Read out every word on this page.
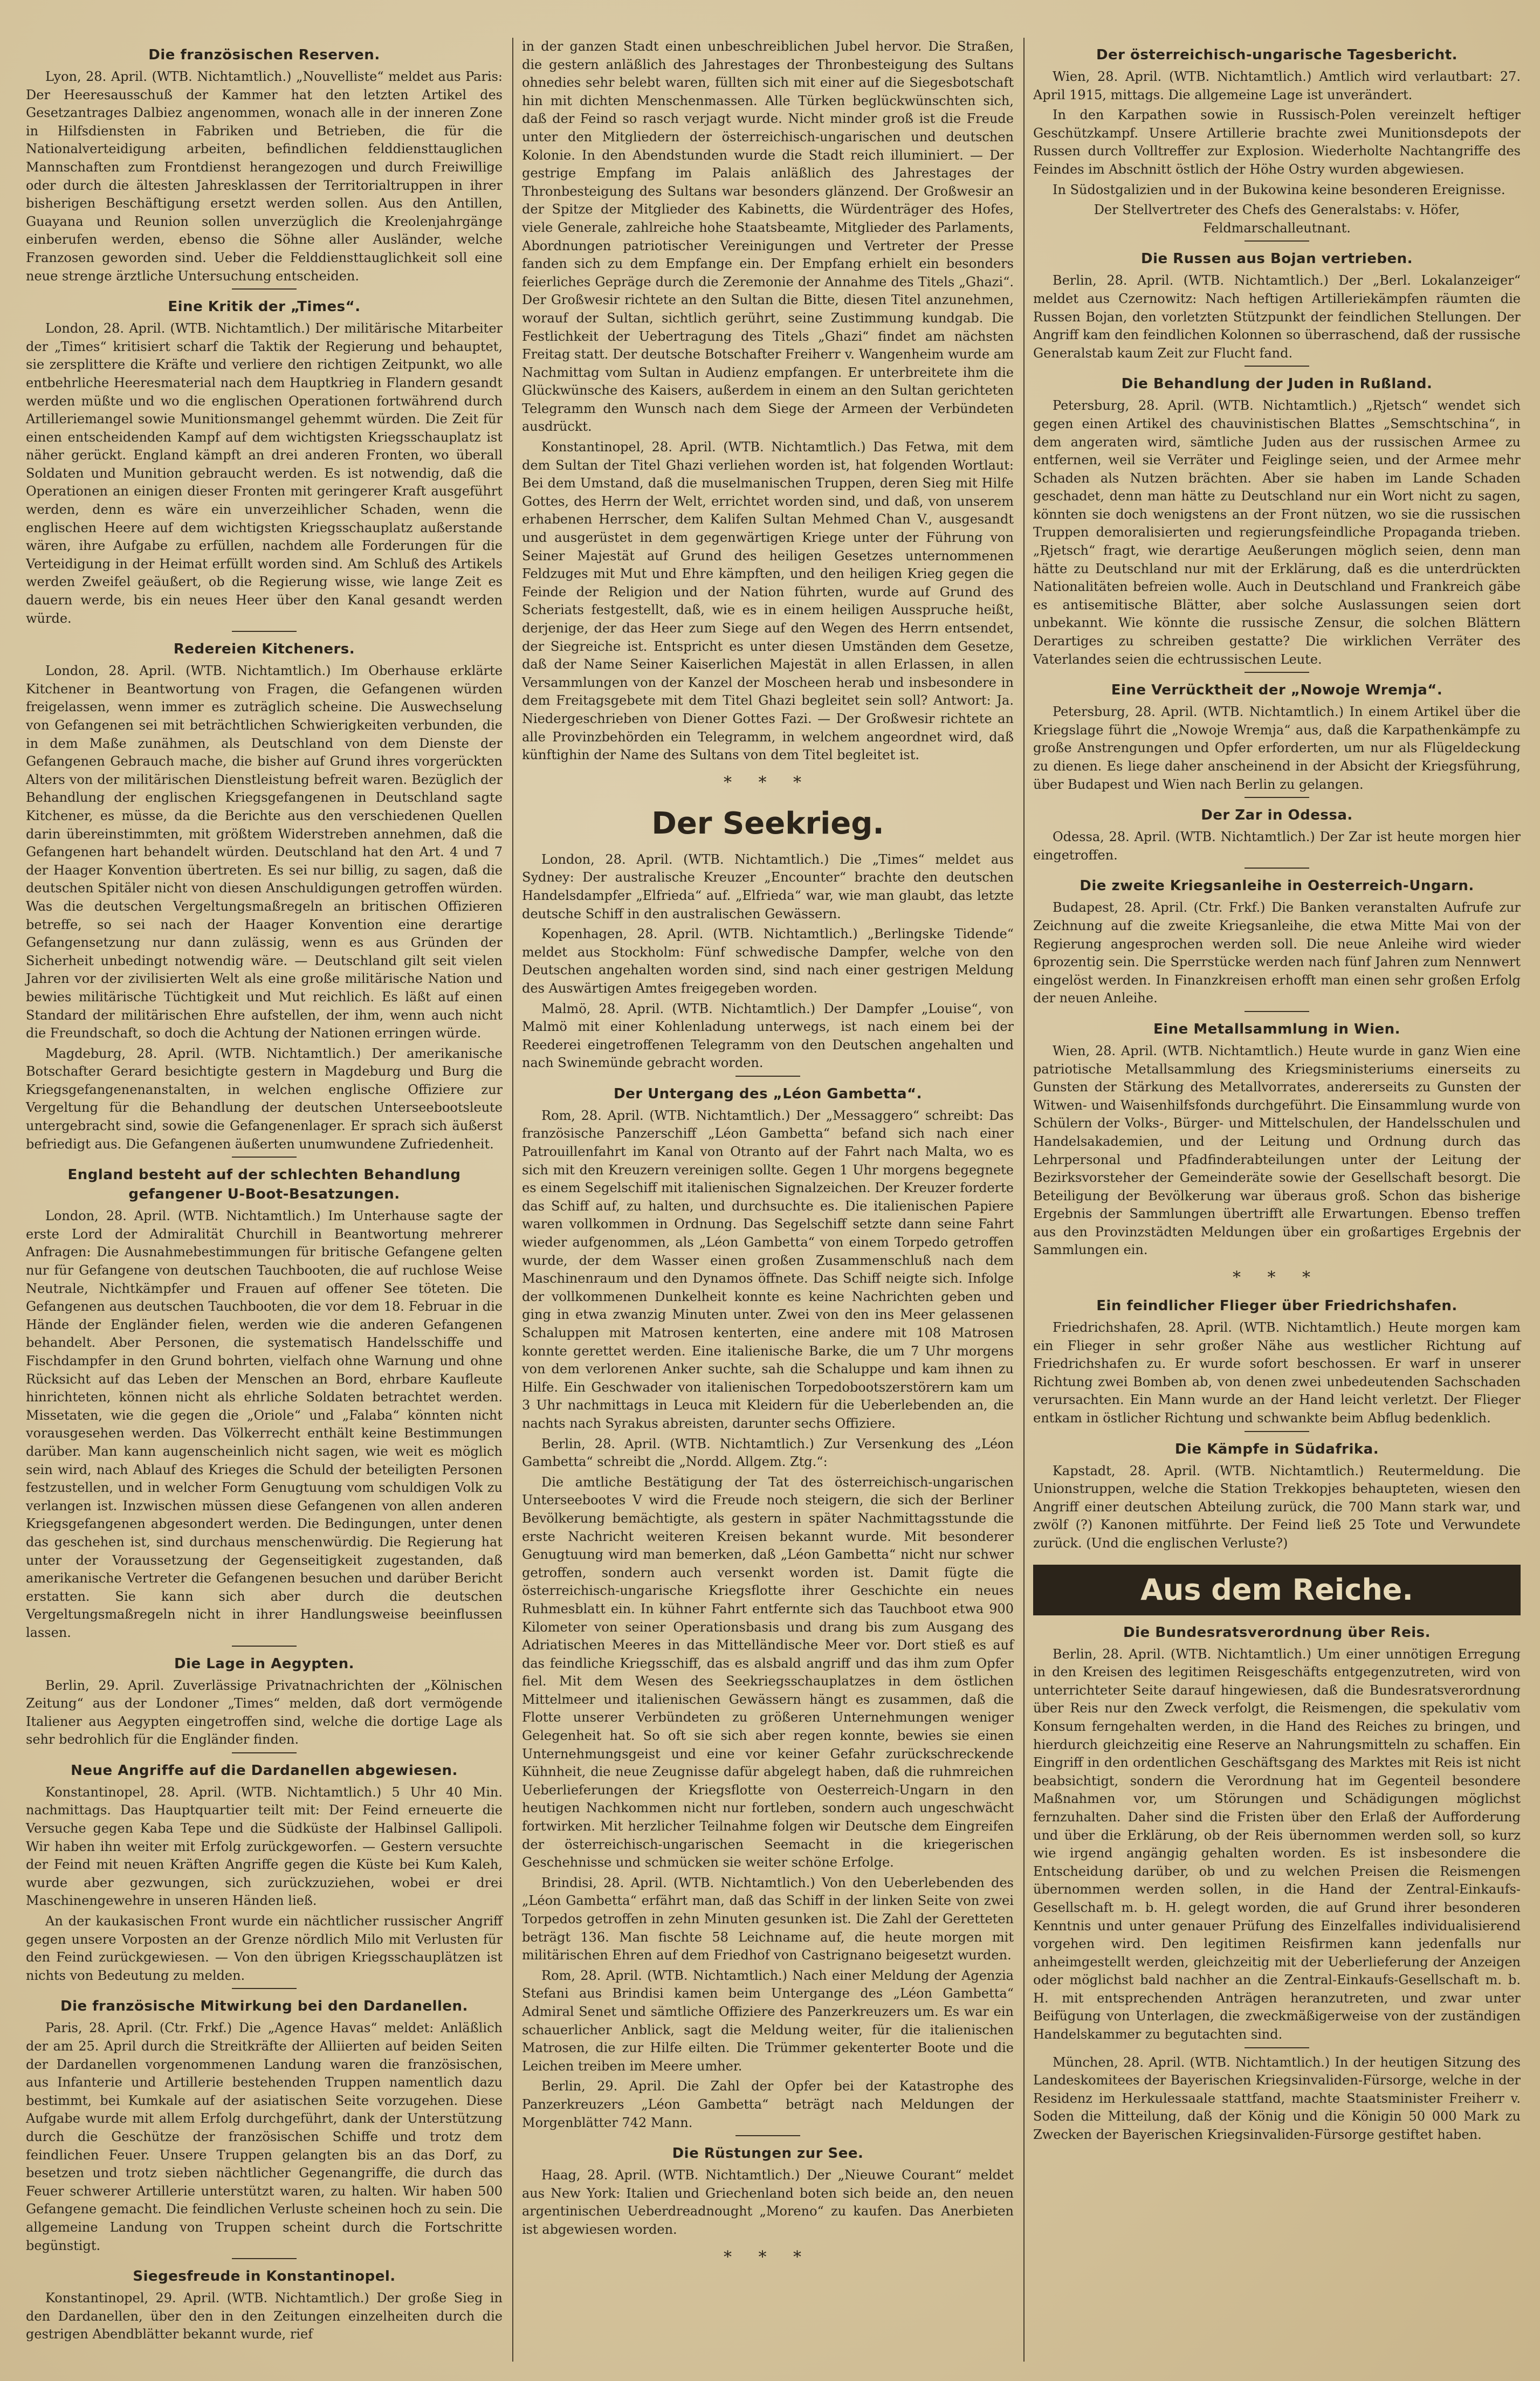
Die französischen Reserven.

Lyon, 28. April. (WTB. Nichtamtlich.) „Nouvelliste“ meldet aus Paris: Der Heeresausschuß der Kammer hat den letzten Artikel des Gesetzantrages Dalbiez angenommen, wonach alle in der inneren Zone in Hilfsdiensten in Fabriken und Betrieben, die für die Nationalverteidigung arbeiten, befindlichen felddiensttauglichen Mannschaften zum Frontdienst herangezogen und durch Freiwillige oder durch die ältesten Jahresklassen der Territorialtruppen in ihrer bisherigen Beschäftigung ersetzt werden sollen. Aus den Antillen, Guayana und Reunion sollen unverzüglich die Kreolenjahrgänge einberufen werden, ebenso die Söhne aller Ausländer, welche Franzosen geworden sind. Ueber die Felddiensttauglichkeit soll eine neue strenge ärztliche Untersuchung entscheiden.

Eine Kritik der „Times“.

London, 28. April. (WTB. Nichtamtlich.) Der militärische Mitarbeiter der „Times“ kritisiert scharf die Taktik der Regierung und behauptet, sie zersplittere die Kräfte und verliere den richtigen Zeitpunkt, wo alle entbehrliche Heeresmaterial nach dem Hauptkrieg in Flandern gesandt werden müßte und wo die englischen Operationen fortwährend durch Artilleriemangel sowie Munitionsmangel gehemmt würden. Die Zeit für einen entscheidenden Kampf auf dem wichtigsten Kriegsschauplatz ist näher gerückt. England kämpft an drei anderen Fronten, wo überall Soldaten und Munition gebraucht werden. Es ist notwendig, daß die Operationen an einigen dieser Fronten mit geringerer Kraft ausgeführt werden, denn es wäre ein unverzeihlicher Schaden, wenn die englischen Heere auf dem wichtigsten Kriegsschauplatz außerstande wären, ihre Aufgabe zu erfüllen, nachdem alle Forderungen für die Verteidigung in der Heimat erfüllt worden sind. Am Schluß des Artikels werden Zweifel geäußert, ob die Regierung wisse, wie lange Zeit es dauern werde, bis ein neues Heer über den Kanal gesandt werden würde.

Redereien Kitcheners.

London, 28. April. (WTB. Nichtamtlich.) Im Oberhause erklärte Kitchener in Beantwortung von Fragen, die Gefangenen würden freigelassen, wenn immer es zuträglich scheine. Die Auswechselung von Gefangenen sei mit beträchtlichen Schwierigkeiten verbunden, die in dem Maße zunähmen, als Deutschland von dem Dienste der Gefangenen Gebrauch mache, die bisher auf Grund ihres vorgerückten Alters von der militärischen Dienstleistung befreit waren. Bezüglich der Behandlung der englischen Kriegsgefangenen in Deutschland sagte Kitchener, es müsse, da die Berichte aus den verschiedenen Quellen darin übereinstimmten, mit größtem Widerstreben annehmen, daß die Gefangenen hart behandelt würden. Deutschland hat den Art. 4 und 7 der Haager Konvention übertreten. Es sei nur billig, zu sagen, daß die deutschen Spitäler nicht von diesen Anschuldigungen getroffen würden. Was die deutschen Vergeltungsmaßregeln an britischen Offizieren betreffe, so sei nach der Haager Konvention eine derartige Gefangensetzung nur dann zulässig, wenn es aus Gründen der Sicherheit unbedingt notwendig wäre. — Deutschland gilt seit vielen Jahren vor der zivilisierten Welt als eine große militärische Nation und bewies militärische Tüchtigkeit und Mut reichlich. Es läßt auf einen Standard der militärischen Ehre aufstellen, der ihm, wenn auch nicht die Freundschaft, so doch die Achtung der Nationen erringen würde.

Magdeburg, 28. April. (WTB. Nichtamtlich.) Der amerikanische Botschafter Gerard besichtigte gestern in Magdeburg und Burg die Kriegsgefangenenanstalten, in welchen englische Offiziere zur Vergeltung für die Behandlung der deutschen Unterseebootsleute untergebracht sind, sowie die Gefangenenlager. Er sprach sich äußerst befriedigt aus. Die Gefangenen äußerten unumwundene Zufriedenheit.

England besteht auf der schlechten Behandlung gefangener U-Boot-Besatzungen.

London, 28. April. (WTB. Nichtamtlich.) Im Unterhause sagte der erste Lord der Admiralität Churchill in Beantwortung mehrerer Anfragen: Die Ausnahmebestimmungen für britische Gefangene gelten nur für Gefangene von deutschen Tauchbooten, die auf ruchlose Weise Neutrale, Nichtkämpfer und Frauen auf offener See töteten. Die Gefangenen aus deutschen Tauchbooten, die vor dem 18. Februar in die Hände der Engländer fielen, werden wie die anderen Gefangenen behandelt. Aber Personen, die systematisch Handelsschiffe und Fischdampfer in den Grund bohrten, vielfach ohne Warnung und ohne Rücksicht auf das Leben der Menschen an Bord, ehrbare Kaufleute hinrichteten, können nicht als ehrliche Soldaten betrachtet werden. Missetaten, wie die gegen die „Oriole“ und „Falaba“ könnten nicht vorausgesehen werden. Das Völkerrecht enthält keine Bestimmungen darüber. Man kann augenscheinlich nicht sagen, wie weit es möglich sein wird, nach Ablauf des Krieges die Schuld der beteiligten Personen festzustellen, und in welcher Form Genugtuung vom schuldigen Volk zu verlangen ist. Inzwischen müssen diese Gefangenen von allen anderen Kriegsgefangenen abgesondert werden. Die Bedingungen, unter denen das geschehen ist, sind durchaus menschenwürdig. Die Regierung hat unter der Voraussetzung der Gegenseitigkeit zugestanden, daß amerikanische Vertreter die Gefangenen besuchen und darüber Bericht erstatten. Sie kann sich aber durch die deutschen Vergeltungsmaßregeln nicht in ihrer Handlungsweise beeinflussen lassen.

Die Lage in Aegypten.

Berlin, 29. April. Zuverlässige Privatnachrichten der „Kölnischen Zeitung“ aus der Londoner „Times“ melden, daß dort vermögende Italiener aus Aegypten eingetroffen sind, welche die dortige Lage als sehr bedrohlich für die Engländer finden.

Neue Angriffe auf die Dardanellen abgewiesen.

Konstantinopel, 28. April. (WTB. Nichtamtlich.) 5 Uhr 40 Min. nachmittags. Das Hauptquartier teilt mit: Der Feind erneuerte die Versuche gegen Kaba Tepe und die Südküste der Halbinsel Gallipoli. Wir haben ihn weiter mit Erfolg zurückgeworfen. — Gestern versuchte der Feind mit neuen Kräften Angriffe gegen die Küste bei Kum Kaleh, wurde aber gezwungen, sich zurückzuziehen, wobei er drei Maschinengewehre in unseren Händen ließ.

An der kaukasischen Front wurde ein nächtlicher russischer Angriff gegen unsere Vorposten an der Grenze nördlich Milo mit Verlusten für den Feind zurückgewiesen. — Von den übrigen Kriegsschauplätzen ist nichts von Bedeutung zu melden.

Die französische Mitwirkung bei den Dardanellen.

Paris, 28. April. (Ctr. Frkf.) Die „Agence Havas“ meldet: Anläßlich der am 25. April durch die Streitkräfte der Alliierten auf beiden Seiten der Dardanellen vorgenommenen Landung waren die französischen, aus Infanterie und Artillerie bestehenden Truppen namentlich dazu bestimmt, bei Kumkale auf der asiatischen Seite vorzugehen. Diese Aufgabe wurde mit allem Erfolg durchgeführt, dank der Unterstützung durch die Geschütze der französischen Schiffe und trotz dem feindlichen Feuer. Unsere Truppen gelangten bis an das Dorf, zu besetzen und trotz sieben nächtlicher Gegenangriffe, die durch das Feuer schwerer Artillerie unterstützt waren, zu halten. Wir haben 500 Gefangene gemacht. Die feindlichen Verluste scheinen hoch zu sein. Die allgemeine Landung von Truppen scheint durch die Fortschritte begünstigt.

Siegesfreude in Konstantinopel.

Konstantinopel, 29. April. (WTB. Nichtamtlich.) Der große Sieg in den Dardanellen, über den in den Zeitungen einzelheiten durch die gestrigen Abendblätter bekannt wurde, rief

in der ganzen Stadt einen unbeschreiblichen Jubel hervor. Die Straßen, die gestern anläßlich des Jahrestages der Thronbesteigung des Sultans ohnedies sehr belebt waren, füllten sich mit einer auf die Siegesbotschaft hin mit dichten Menschenmassen. Alle Türken beglückwünschten sich, daß der Feind so rasch verjagt wurde. Nicht minder groß ist die Freude unter den Mitgliedern der österreichisch-ungarischen und deutschen Kolonie. In den Abendstunden wurde die Stadt reich illuminiert. — Der gestrige Empfang im Palais anläßlich des Jahrestages der Thronbesteigung des Sultans war besonders glänzend. Der Großwesir an der Spitze der Mitglieder des Kabinetts, die Würdenträger des Hofes, viele Generale, zahlreiche hohe Staatsbeamte, Mitglieder des Parlaments, Abordnungen patriotischer Vereinigungen und Vertreter der Presse fanden sich zu dem Empfange ein. Der Empfang erhielt ein besonders feierliches Gepräge durch die Zeremonie der Annahme des Titels „Ghazi“. Der Großwesir richtete an den Sultan die Bitte, diesen Titel anzunehmen, worauf der Sultan, sichtlich gerührt, seine Zustimmung kundgab. Die Festlichkeit der Uebertragung des Titels „Ghazi“ findet am nächsten Freitag statt. Der deutsche Botschafter Freiherr v. Wangenheim wurde am Nachmittag vom Sultan in Audienz empfangen. Er unterbreitete ihm die Glückwünsche des Kaisers, außerdem in einem an den Sultan gerichteten Telegramm den Wunsch nach dem Siege der Armeen der Verbündeten ausdrückt.

Konstantinopel, 28. April. (WTB. Nichtamtlich.) Das Fetwa, mit dem dem Sultan der Titel Ghazi verliehen worden ist, hat folgenden Wortlaut: Bei dem Umstand, daß die muselmanischen Truppen, deren Sieg mit Hilfe Gottes, des Herrn der Welt, errichtet worden sind, und daß, von unserem erhabenen Herrscher, dem Kalifen Sultan Mehmed Chan V., ausgesandt und ausgerüstet in dem gegenwärtigen Kriege unter der Führung von Seiner Majestät auf Grund des heiligen Gesetzes unternommenen Feldzuges mit Mut und Ehre kämpften, und den heiligen Krieg gegen die Feinde der Religion und der Nation führten, wurde auf Grund des Scheriats festgestellt, daß, wie es in einem heiligen Ausspruche heißt, derjenige, der das Heer zum Siege auf den Wegen des Herrn entsendet, der Siegreiche ist. Entspricht es unter diesen Umständen dem Gesetze, daß der Name Seiner Kaiserlichen Majestät in allen Erlassen, in allen Versammlungen von der Kanzel der Moscheen herab und insbesondere in dem Freitagsgebete mit dem Titel Ghazi begleitet sein soll? Antwort: Ja. Niedergeschrieben von Diener Gottes Fazi. — Der Großwesir richtete an alle Provinzbehörden ein Telegramm, in welchem angeordnet wird, daß künftighin der Name des Sultans von dem Titel begleitet ist.

* * *
Der Seekrieg.

London, 28. April. (WTB. Nichtamtlich.) Die „Times“ meldet aus Sydney: Der australische Kreuzer „Encounter“ brachte den deutschen Handelsdampfer „Elfrieda“ auf. „Elfrieda“ war, wie man glaubt, das letzte deutsche Schiff in den australischen Gewässern.

Kopenhagen, 28. April. (WTB. Nichtamtlich.) „Berlingske Tidende“ meldet aus Stockholm: Fünf schwedische Dampfer, welche von den Deutschen angehalten worden sind, sind nach einer gestrigen Meldung des Auswärtigen Amtes freigegeben worden.

Malmö, 28. April. (WTB. Nichtamtlich.) Der Dampfer „Louise“, von Malmö mit einer Kohlenladung unterwegs, ist nach einem bei der Reederei eingetroffenen Telegramm von den Deutschen angehalten und nach Swinemünde gebracht worden.

Der Untergang des „Léon Gambetta“.

Rom, 28. April. (WTB. Nichtamtlich.) Der „Messaggero“ schreibt: Das französische Panzerschiff „Léon Gambetta“ befand sich nach einer Patrouillenfahrt im Kanal von Otranto auf der Fahrt nach Malta, wo es sich mit den Kreuzern vereinigen sollte. Gegen 1 Uhr morgens begegnete es einem Segelschiff mit italienischen Signalzeichen. Der Kreuzer forderte das Schiff auf, zu halten, und durchsuchte es. Die italienischen Papiere waren vollkommen in Ordnung. Das Segelschiff setzte dann seine Fahrt wieder aufgenommen, als „Léon Gambetta“ von einem Torpedo getroffen wurde, der dem Wasser einen großen Zusammenschluß nach dem Maschinenraum und den Dynamos öffnete. Das Schiff neigte sich. Infolge der vollkommenen Dunkelheit konnte es keine Nachrichten geben und ging in etwa zwanzig Minuten unter. Zwei von den ins Meer gelassenen Schaluppen mit Matrosen kenterten, eine andere mit 108 Matrosen konnte gerettet werden. Eine italienische Barke, die um 7 Uhr morgens von dem verlorenen Anker suchte, sah die Schaluppe und kam ihnen zu Hilfe. Ein Geschwader von italienischen Torpedobootszerstörern kam um 3 Uhr nachmittags in Leuca mit Kleidern für die Ueberlebenden an, die nachts nach Syrakus abreisten, darunter sechs Offiziere.

Berlin, 28. April. (WTB. Nichtamtlich.) Zur Versenkung des „Léon Gambetta“ schreibt die „Nordd. Allgem. Ztg.“:

Die amtliche Bestätigung der Tat des österreichisch-ungarischen Unterseebootes V wird die Freude noch steigern, die sich der Berliner Bevölkerung bemächtigte, als gestern in später Nachmittagsstunde die erste Nachricht weiteren Kreisen bekannt wurde. Mit besonderer Genugtuung wird man bemerken, daß „Léon Gambetta“ nicht nur schwer getroffen, sondern auch versenkt worden ist. Damit fügte die österreichisch-ungarische Kriegsflotte ihrer Geschichte ein neues Ruhmesblatt ein. In kühner Fahrt entfernte sich das Tauchboot etwa 900 Kilometer von seiner Operationsbasis und drang bis zum Ausgang des Adriatischen Meeres in das Mittelländische Meer vor. Dort stieß es auf das feindliche Kriegsschiff, das es alsbald angriff und das ihm zum Opfer fiel. Mit dem Wesen des Seekriegsschauplatzes in dem östlichen Mittelmeer und italienischen Gewässern hängt es zusammen, daß die Flotte unserer Verbündeten zu größeren Unternehmungen weniger Gelegenheit hat. So oft sie sich aber regen konnte, bewies sie einen Unternehmungsgeist und eine vor keiner Gefahr zurückschreckende Kühnheit, die neue Zeugnisse dafür abgelegt haben, daß die ruhmreichen Ueberlieferungen der Kriegsflotte von Oesterreich-Ungarn in den heutigen Nachkommen nicht nur fortleben, sondern auch ungeschwächt fortwirken. Mit herzlicher Teilnahme folgen wir Deutsche dem Eingreifen der österreichisch-ungarischen Seemacht in die kriegerischen Geschehnisse und schmücken sie weiter schöne Erfolge.

Brindisi, 28. April. (WTB. Nichtamtlich.) Von den Ueberlebenden des „Léon Gambetta“ erfährt man, daß das Schiff in der linken Seite von zwei Torpedos getroffen in zehn Minuten gesunken ist. Die Zahl der Geretteten beträgt 136. Man fischte 58 Leichname auf, die heute morgen mit militärischen Ehren auf dem Friedhof von Castrignano beigesetzt wurden.

Rom, 28. April. (WTB. Nichtamtlich.) Nach einer Meldung der Agenzia Stefani aus Brindisi kamen beim Untergange des „Léon Gambetta“ Admiral Senet und sämtliche Offiziere des Panzerkreuzers um. Es war ein schauerlicher Anblick, sagt die Meldung weiter, für die italienischen Matrosen, die zur Hilfe eilten. Die Trümmer gekenterter Boote und die Leichen treiben im Meere umher.

Berlin, 29. April. Die Zahl der Opfer bei der Katastrophe des Panzerkreuzers „Léon Gambetta“ beträgt nach Meldungen der Morgenblätter 742 Mann.

Die Rüstungen zur See.

Haag, 28. April. (WTB. Nichtamtlich.) Der „Nieuwe Courant“ meldet aus New York: Italien und Griechenland boten sich beide an, den neuen argentinischen Ueberdreadnought „Moreno“ zu kaufen. Das Anerbieten ist abgewiesen worden.

* * *
Der österreichisch-ungarische Tagesbericht.

Wien, 28. April. (WTB. Nichtamtlich.) Amtlich wird verlautbart: 27. April 1915, mittags. Die allgemeine Lage ist unverändert.

In den Karpathen sowie in Russisch-Polen vereinzelt heftiger Geschützkampf. Unsere Artillerie brachte zwei Munitionsdepots der Russen durch Volltreffer zur Explosion. Wiederholte Nachtangriffe des Feindes im Abschnitt östlich der Höhe Ostry wurden abgewiesen.

In Südostgalizien und in der Bukowina keine besonderen Ereignisse.

Der Stellvertreter des Chefs des Generalstabs: v. Höfer, Feldmarschalleutnant.
Die Russen aus Bojan vertrieben.

Berlin, 28. April. (WTB. Nichtamtlich.) Der „Berl. Lokalanzeiger“ meldet aus Czernowitz: Nach heftigen Artilleriekämpfen räumten die Russen Bojan, den vorletzten Stützpunkt der feindlichen Stellungen. Der Angriff kam den feindlichen Kolonnen so überraschend, daß der russische Generalstab kaum Zeit zur Flucht fand.

Die Behandlung der Juden in Rußland.

Petersburg, 28. April. (WTB. Nichtamtlich.) „Rjetsch“ wendet sich gegen einen Artikel des chauvinistischen Blattes „Semschtschina“, in dem angeraten wird, sämtliche Juden aus der russischen Armee zu entfernen, weil sie Verräter und Feiglinge seien, und der Armee mehr Schaden als Nutzen brächten. Aber sie haben im Lande Schaden geschadet, denn man hätte zu Deutschland nur ein Wort nicht zu sagen, könnten sie doch wenigstens an der Front nützen, wo sie die russischen Truppen demoralisierten und regierungsfeindliche Propaganda trieben. „Rjetsch“ fragt, wie derartige Aeußerungen möglich seien, denn man hätte zu Deutschland nur mit der Erklärung, daß es die unterdrückten Nationalitäten befreien wolle. Auch in Deutschland und Frankreich gäbe es antisemitische Blätter, aber solche Auslassungen seien dort unbekannt. Wie könnte die russische Zensur, die solchen Blättern Derartiges zu schreiben gestatte? Die wirklichen Verräter des Vaterlandes seien die echtrussischen Leute.

Eine Verrücktheit der „Nowoje Wremja“.

Petersburg, 28. April. (WTB. Nichtamtlich.) In einem Artikel über die Kriegslage führt die „Nowoje Wremja“ aus, daß die Karpathenkämpfe zu große Anstrengungen und Opfer erforderten, um nur als Flügeldeckung zu dienen. Es liege daher anscheinend in der Absicht der Kriegsführung, über Budapest und Wien nach Berlin zu gelangen.

Der Zar in Odessa.

Odessa, 28. April. (WTB. Nichtamtlich.) Der Zar ist heute morgen hier eingetroffen.

Die zweite Kriegsanleihe in Oesterreich-Ungarn.

Budapest, 28. April. (Ctr. Frkf.) Die Banken veranstalten Aufrufe zur Zeichnung auf die zweite Kriegsanleihe, die etwa Mitte Mai von der Regierung angesprochen werden soll. Die neue Anleihe wird wieder 6prozentig sein. Die Sperrstücke werden nach fünf Jahren zum Nennwert eingelöst werden. In Finanzkreisen erhofft man einen sehr großen Erfolg der neuen Anleihe.

Eine Metallsammlung in Wien.

Wien, 28. April. (WTB. Nichtamtlich.) Heute wurde in ganz Wien eine patriotische Metallsammlung des Kriegsministeriums einerseits zu Gunsten der Stärkung des Metallvorrates, andererseits zu Gunsten der Witwen- und Waisenhilfsfonds durchgeführt. Die Einsammlung wurde von Schülern der Volks-, Bürger- und Mittelschulen, der Handelsschulen und Handelsakademien, und der Leitung und Ordnung durch das Lehrpersonal und Pfadfinderabteilungen unter der Leitung der Bezirksvorsteher der Gemeinderäte sowie der Gesellschaft besorgt. Die Beteiligung der Bevölkerung war überaus groß. Schon das bisherige Ergebnis der Sammlungen übertrifft alle Erwartungen. Ebenso treffen aus den Provinzstädten Meldungen über ein großartiges Ergebnis der Sammlungen ein.

* * *
Ein feindlicher Flieger über Friedrichshafen.

Friedrichshafen, 28. April. (WTB. Nichtamtlich.) Heute morgen kam ein Flieger in sehr großer Nähe aus westlicher Richtung auf Friedrichshafen zu. Er wurde sofort beschossen. Er warf in unserer Richtung zwei Bomben ab, von denen zwei unbedeutenden Sachschaden verursachten. Ein Mann wurde an der Hand leicht verletzt. Der Flieger entkam in östlicher Richtung und schwankte beim Abflug bedenklich.

Die Kämpfe in Südafrika.

Kapstadt, 28. April. (WTB. Nichtamtlich.) Reutermeldung. Die Unionstruppen, welche die Station Trekkopjes behaupteten, wiesen den Angriff einer deutschen Abteilung zurück, die 700 Mann stark war, und zwölf (?) Kanonen mitführte. Der Feind ließ 25 Tote und Verwundete zurück. (Und die englischen Verluste?)

Aus dem Reiche.
Die Bundesratsverordnung über Reis.

Berlin, 28. April. (WTB. Nichtamtlich.) Um einer unnötigen Erregung in den Kreisen des legitimen Reisgeschäfts entgegenzutreten, wird von unterrichteter Seite darauf hingewiesen, daß die Bundesratsverordnung über Reis nur den Zweck verfolgt, die Reismengen, die spekulativ vom Konsum ferngehalten werden, in die Hand des Reiches zu bringen, und hierdurch gleichzeitig eine Reserve an Nahrungsmitteln zu schaffen. Ein Eingriff in den ordentlichen Geschäftsgang des Marktes mit Reis ist nicht beabsichtigt, sondern die Verordnung hat im Gegenteil besondere Maßnahmen vor, um Störungen und Schädigungen möglichst fernzuhalten. Daher sind die Fristen über den Erlaß der Aufforderung und über die Erklärung, ob der Reis übernommen werden soll, so kurz wie irgend angängig gehalten worden. Es ist insbesondere die Entscheidung darüber, ob und zu welchen Preisen die Reismengen übernommen werden sollen, in die Hand der Zentral-Einkaufs-Gesellschaft m. b. H. gelegt worden, die auf Grund ihrer besonderen Kenntnis und unter genauer Prüfung des Einzelfalles individualisierend vorgehen wird. Den legitimen Reisfirmen kann jedenfalls nur anheimgestellt werden, gleichzeitig mit der Ueberlieferung der Anzeigen oder möglichst bald nachher an die Zentral-Einkaufs-Gesellschaft m. b. H. mit entsprechenden Anträgen heranzutreten, und zwar unter Beifügung von Unterlagen, die zweckmäßigerweise von der zuständigen Handelskammer zu begutachten sind.

München, 28. April. (WTB. Nichtamtlich.) In der heutigen Sitzung des Landeskomitees der Bayerischen Kriegsinvaliden-Fürsorge, welche in der Residenz im Herkulessaale stattfand, machte Staatsminister Freiherr v. Soden die Mitteilung, daß der König und die Königin 50 000 Mark zu Zwecken der Bayerischen Kriegsinvaliden-Fürsorge gestiftet haben.
